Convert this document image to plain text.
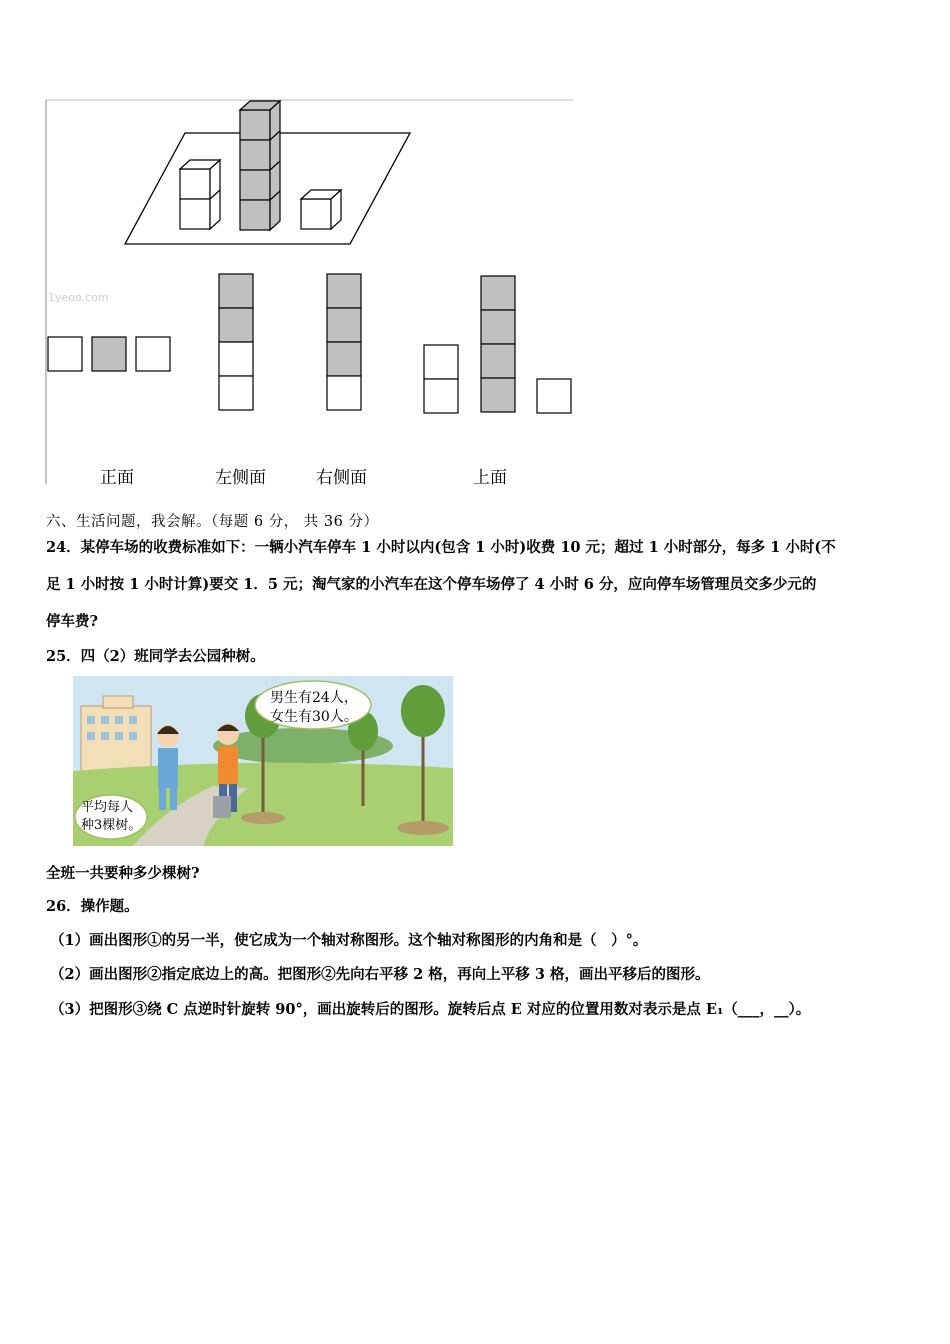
1yeoo.com
正面	左侧面	右侧面	上面
六、生活问题，我会解。（每题 6 分， 共 36 分）
24．某停车场的收费标准如下：一辆小汽车停车 1 小时以内(包含 1 小时)收费 10 元；超过 1 小时部分，每多 1 小时(不
足 1 小时按 1 小时计算)要交 1．5 元；淘气家的小汽车在这个停车场停了 4 小时 6 分，应向停车场管理员交多少元的
停车费?
25．四（2）班同学去公园种树。
男生有24人，
女生有30人。
平均每人
种3棵树。
全班一共要种多少棵树?
26．操作题。
（1）画出图形①的另一半，使它成为一个轴对称图形。这个轴对称图形的内角和是（　）°。
（2）画出图形②指定底边上的高。把图形②先向右平移 2 格，再向上平移 3 格，画出平移后的图形。
（3）把图形③绕 C 点逆时针旋转 90°，画出旋转后的图形。旋转后点 E 对应的位置用数对表示是点 E₁（___，__）。
